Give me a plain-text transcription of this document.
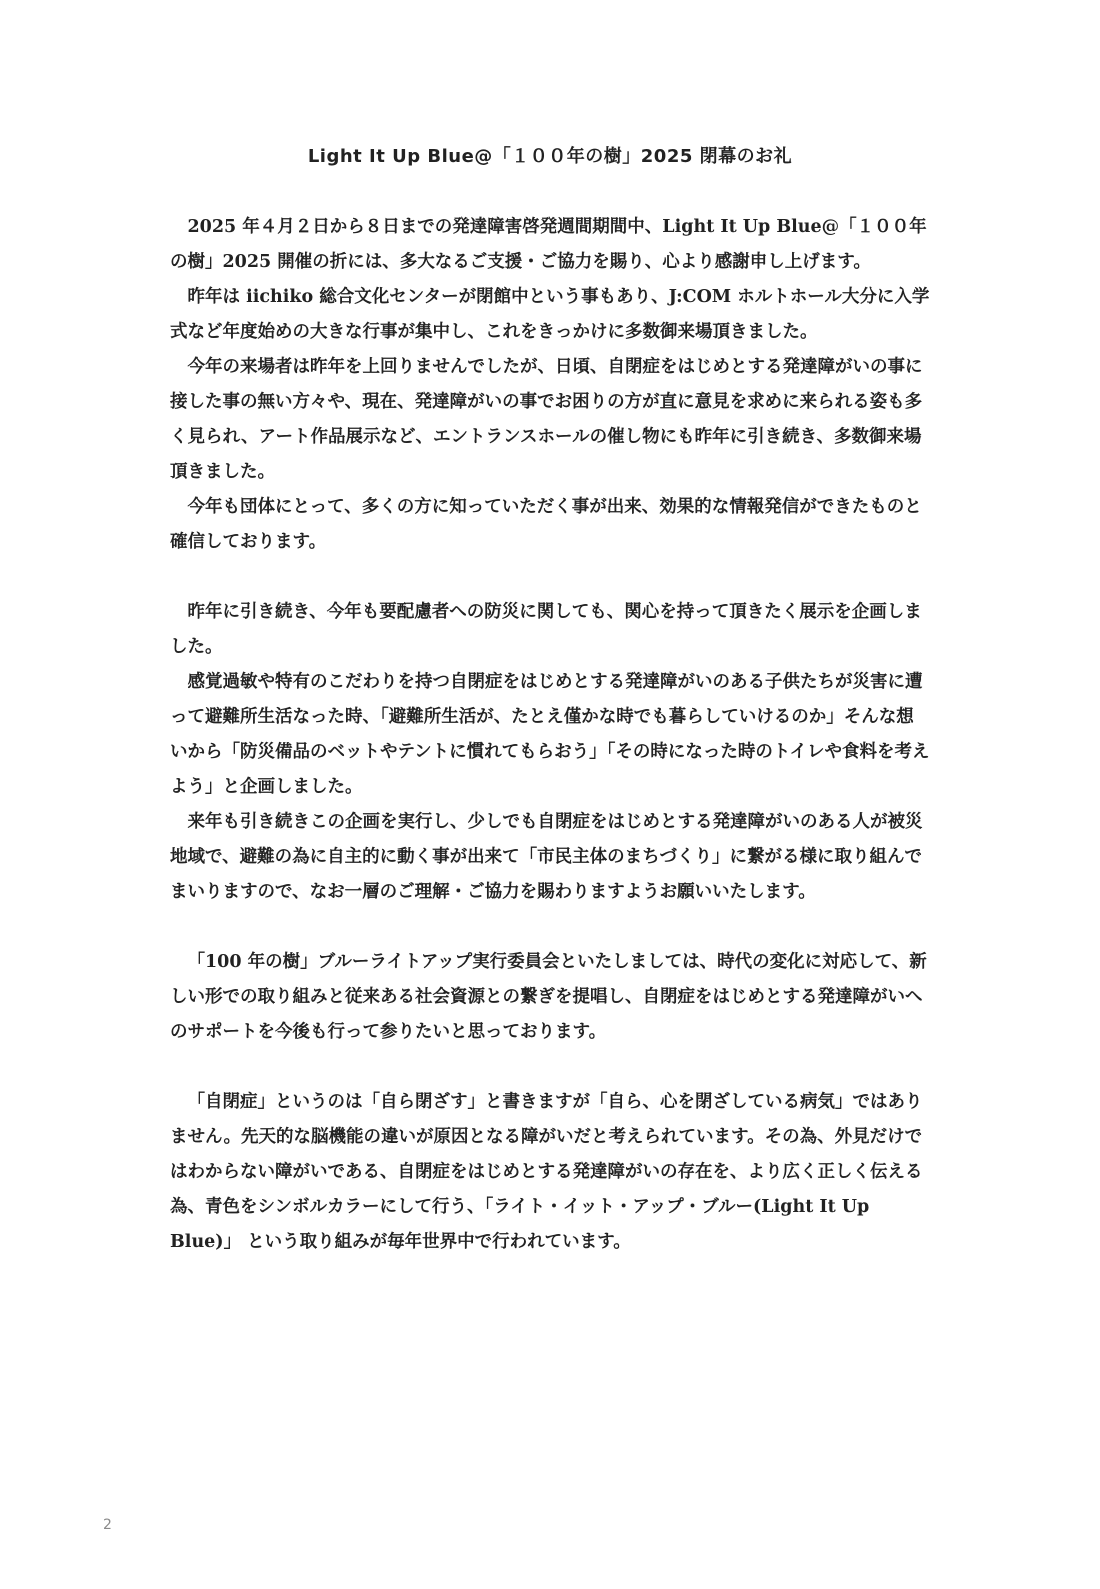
Light It Up Blue@「１００年の樹」2025 閉幕のお礼

2025 年４月２日から８日までの発達障害啓発週間期間中、Light It Up Blue@「１００年の樹」2025 開催の折には、多大なるご支援・ご協力を賜り、心より感謝申し上げます。

昨年は iichiko 総合文化センターが閉館中という事もあり、J:COM ホルトホール大分に入学式など年度始めの大きな行事が集中し、これをきっかけに多数御来場頂きました。

今年の来場者は昨年を上回りませんでしたが、日頃、自閉症をはじめとする発達障がいの事に接した事の無い方々や、現在、発達障がいの事でお困りの方が直に意見を求めに来られる姿も多く見られ、アート作品展示など、エントランスホールの催し物にも昨年に引き続き、多数御来場頂きました。

今年も団体にとって、多くの方に知っていただく事が出来、効果的な情報発信ができたものと確信しております。

昨年に引き続き、今年も要配慮者への防災に関しても、関心を持って頂きたく展示を企画しました。

感覚過敏や特有のこだわりを持つ自閉症をはじめとする発達障がいのある子供たちが災害に遭って避難所生活なった時、「避難所生活が、たとえ僅かな時でも暮らしていけるのか」そんな想いから「防災備品のベットやテントに慣れてもらおう」「その時になった時のトイレや食料を考えよう」と企画しました。

来年も引き続きこの企画を実行し、少しでも自閉症をはじめとする発達障がいのある人が被災地域で、避難の為に自主的に動く事が出来て「市民主体のまちづくり」に繋がる様に取り組んでまいりますので、なお一層のご理解・ご協力を賜わりますようお願いいたします。

「100 年の樹」ブルーライトアップ実行委員会といたしましては、時代の変化に対応して、新しい形での取り組みと従来ある社会資源との繋ぎを提唱し、自閉症をはじめとする発達障がいへのサポートを今後も行って参りたいと思っております。

「自閉症」というのは「自ら閉ざす」と書きますが「自ら、心を閉ざしている病気」ではありません。先天的な脳機能の違いが原因となる障がいだと考えられています。その為、外見だけではわからない障がいである、自閉症をはじめとする発達障がいの存在を、より広く正しく伝える為、青色をシンボルカラーにして行う、「ライト・イット・アップ・ブルー(Light It Up Blue)」 という取り組みが毎年世界中で行われています。

2
